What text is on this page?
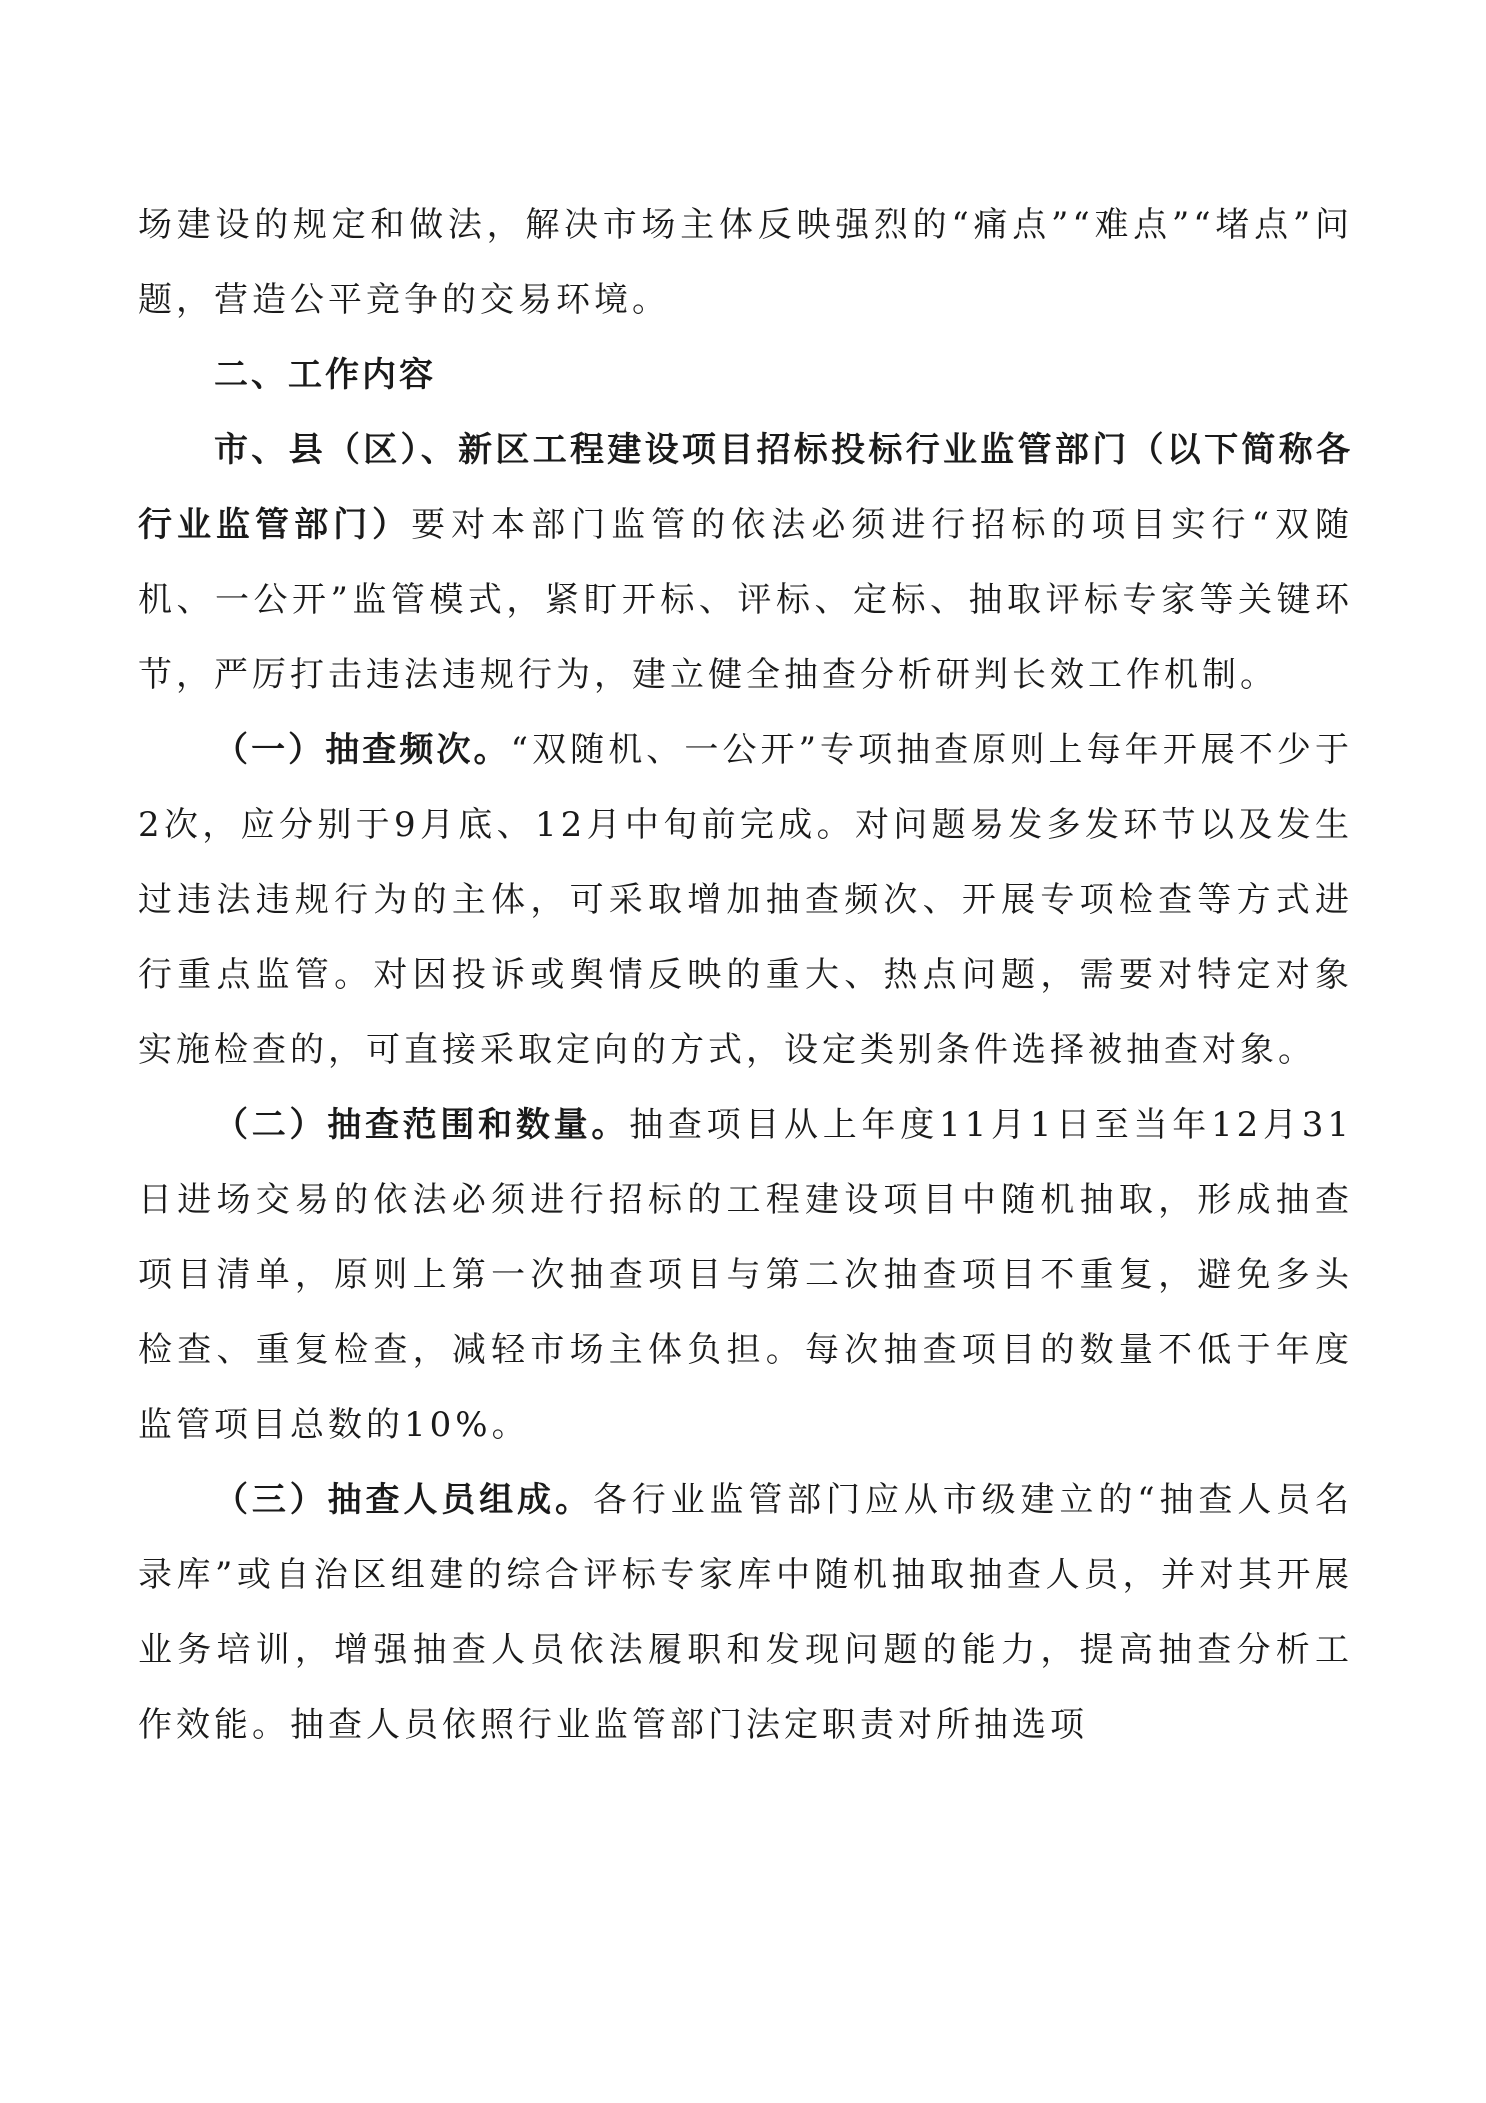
场建设的规定和做法，解决市场主体反映强烈的“痛点”“难点”“堵点”问题，营造公平竞争的交易环境。

二、工作内容

市、县（区）、新区工程建设项目招标投标行业监管部门（以下简称各行业监管部门）要对本部门监管的依法必须进行招标的项目实行“双随机、一公开”监管模式，紧盯开标、评标、定标、抽取评标专家等关键环节，严厉打击违法违规行为，建立健全抽查分析研判长效工作机制。

（一）抽查频次。“双随机、一公开”专项抽查原则上每年开展不少于2次，应分别于9月底、12月中旬前完成。对问题易发多发环节以及发生过违法违规行为的主体，可采取增加抽查频次、开展专项检查等方式进行重点监管。对因投诉或舆情反映的重大、热点问题，需要对特定对象实施检查的，可直接采取定向的方式，设定类别条件选择被抽查对象。

（二）抽查范围和数量。抽查项目从上年度11月1日至当年12月31日进场交易的依法必须进行招标的工程建设项目中随机抽取，形成抽查项目清单，原则上第一次抽查项目与第二次抽查项目不重复，避免多头检查、重复检查，减轻市场主体负担。每次抽查项目的数量不低于年度监管项目总数的10%。

（三）抽查人员组成。各行业监管部门应从市级建立的“抽查人员名录库”或自治区组建的综合评标专家库中随机抽取抽查人员，并对其开展业务培训，增强抽查人员依法履职和发现问题的能力，提高抽查分析工作效能。抽查人员依照行业监管部门法定职责对所抽选项
